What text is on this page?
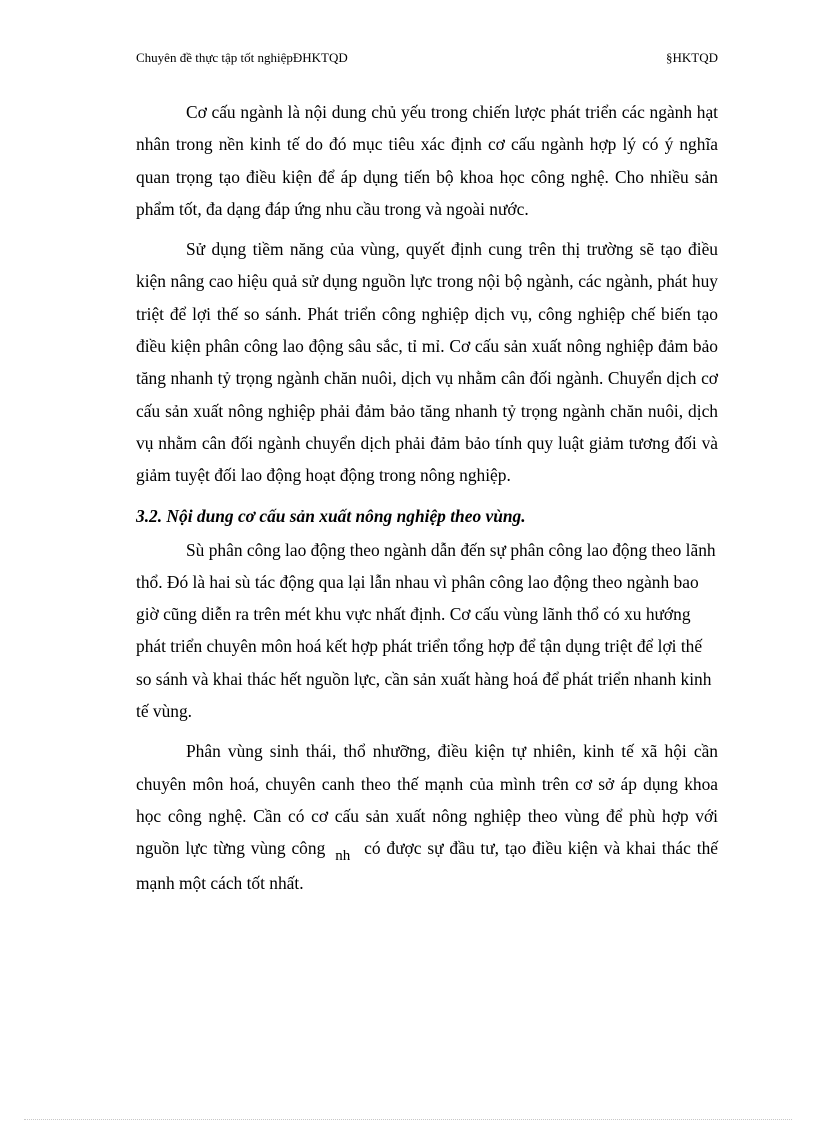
Chuyên đề thực tập tốt nghiệpĐHKTQD	§HKTQD

Cơ cấu ngành là nội dung chủ yếu trong chiến lược phát triển các ngành hạt nhân trong nền kinh tế do đó mục tiêu xác định cơ cấu ngành hợp lý có ý nghĩa quan trọng tạo điều kiện để áp dụng tiến bộ khoa học công nghệ. Cho nhiều sản phẩm tốt, đa dạng đáp ứng nhu cầu trong và ngoài nước.

Sử dụng tiềm năng của vùng, quyết định cung trên thị trường sẽ tạo điều kiện nâng cao hiệu quả sử dụng nguồn lực trong nội bộ ngành, các ngành, phát huy triệt để lợi thế so sánh. Phát triển công nghiệp dịch vụ, công nghiệp chế biến tạo điều kiện phân công lao động sâu sắc, tỉ mỉ. Cơ cấu sản xuất nông nghiệp đảm bảo tăng nhanh tỷ trọng ngành chăn nuôi, dịch vụ nhằm cân đối ngành. Chuyển dịch cơ cấu sản xuất nông nghiệp phải đảm bảo tăng nhanh tỷ trọng ngành chăn nuôi, dịch vụ nhằm cân đối ngành chuyển dịch phải đảm bảo tính quy luật giảm tương đối và giảm tuyệt đối lao động hoạt động trong nông nghiệp.

3.2. Nội dung cơ cấu sản xuất nông nghiệp theo vùng.

Sù phân công lao động theo ngành dẫn đến sự phân công lao động theo lãnh thổ. Đó là hai sù tác động qua lại lẫn nhau vì phân công lao động theo ngành bao giờ cũng diễn ra trên mét khu vực nhất định. Cơ cấu vùng lãnh thổ có xu hướng phát triển chuyên môn hoá kết hợp phát triển tổng hợp để tận dụng triệt để lợi thế so sánh và khai thác hết nguồn lực, cần sản xuất hàng hoá để phát triển nhanh kinh tế vùng.

Phân vùng sinh thái, thổ nhưỡng, điều kiện tự nhiên, kinh tế xã hội cần chuyên môn hoá, chuyên canh theo thế mạnh của mình trên cơ sở áp dụng khoa học công nghệ. Cần có cơ cấu sản xuất nông nghiệp theo vùng để phù hợp với nguồn lực từng vùng công nh có được sự đầu tư, tạo điều kiện và khai thác thế mạnh một cách tốt nhất.
